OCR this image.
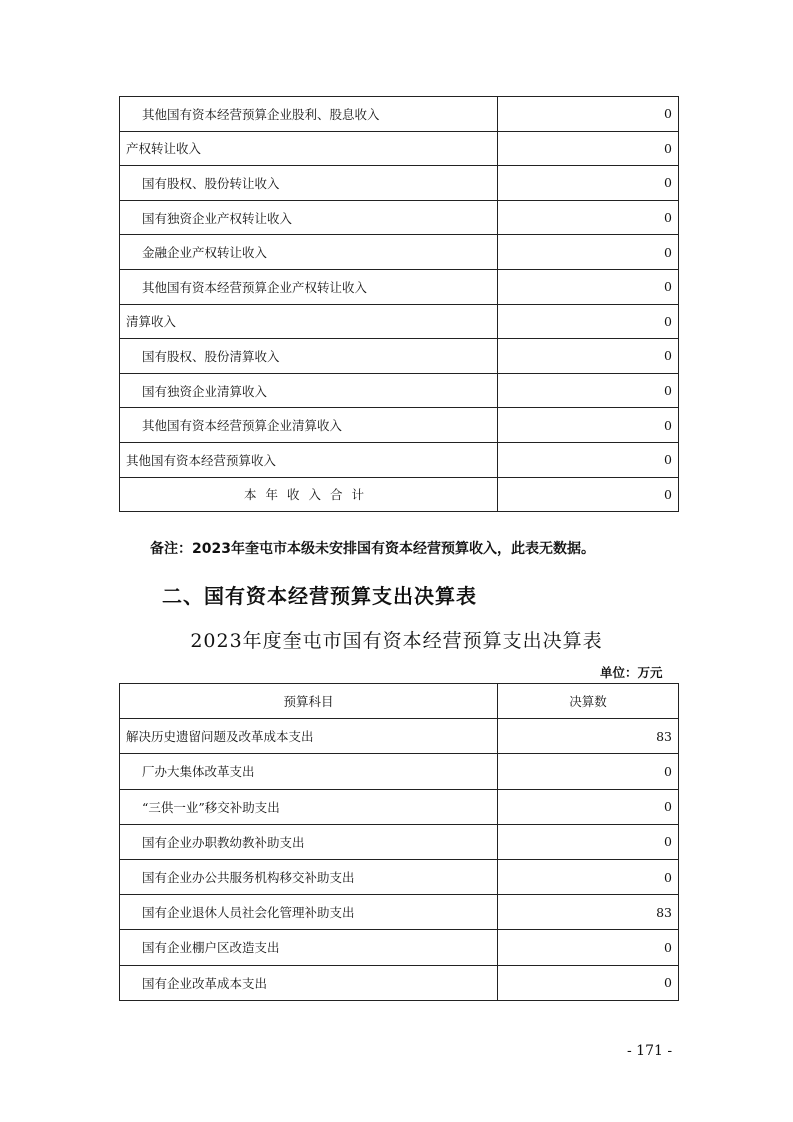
其他国有资本经营预算企业股利、股息收入	0
产权转让收入	0
国有股权、股份转让收入	0
国有独资企业产权转让收入	0
金融企业产权转让收入	0
其他国有资本经营预算企业产权转让收入	0
清算收入	0
国有股权、股份清算收入	0
国有独资企业清算收入	0
其他国有资本经营预算企业清算收入	0
其他国有资本经营预算收入	0
本年收入合计	0
备注：2023年奎屯市本级未安排国有资本经营预算收入，此表无数据。
二、国有资本经营预算支出决算表
2023年度奎屯市国有资本经营预算支出决算表
单位：万元
预算科目	决算数
解决历史遗留问题及改革成本支出	83
厂办大集体改革支出	0
“三供一业”移交补助支出	0
国有企业办职教幼教补助支出	0
国有企业办公共服务机构移交补助支出	0
国有企业退休人员社会化管理补助支出	83
国有企业棚户区改造支出	0
国有企业改革成本支出	0
- 171 -
